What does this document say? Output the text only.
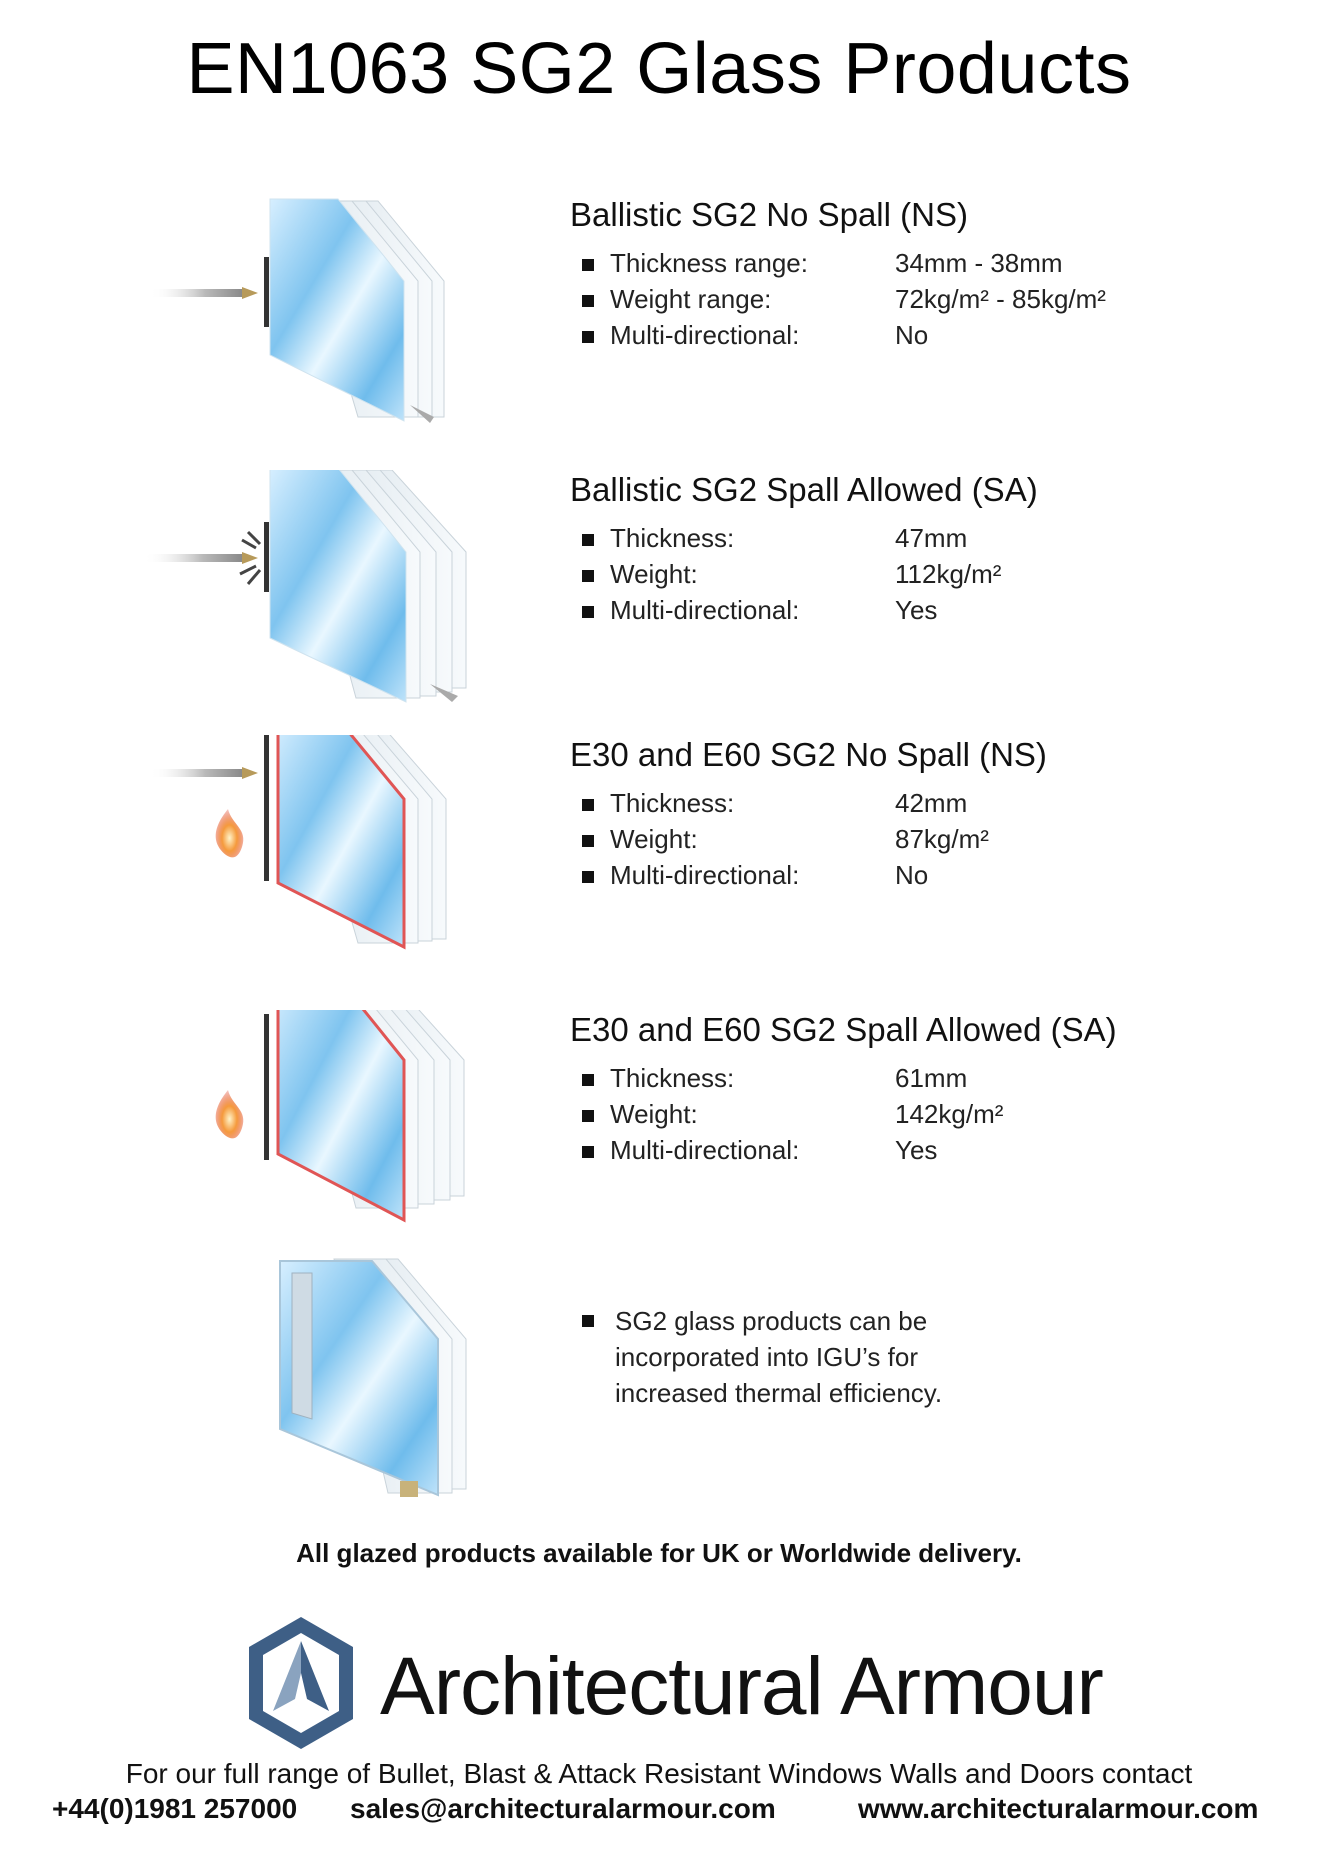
EN1063 SG2 Glass Products
Ballistic SG2 No Spall (NS)
Thickness range:	34mm - 38mm
Weight range:	72kg/m² - 85kg/m²
Multi-directional:	No
Ballistic SG2 Spall Allowed (SA)
Thickness:	47mm
Weight:	112kg/m²
Multi-directional:	Yes
E30 and E60 SG2 No Spall (NS)
Thickness:	42mm
Weight:	87kg/m²
Multi-directional:	No
E30 and E60 SG2 Spall Allowed (SA)
Thickness:	61mm
Weight:	142kg/m²
Multi-directional:	Yes
SG2 glass products can be
incorporated into IGU’s for
increased thermal efficiency.
All glazed products available for UK or Worldwide delivery.
Architectural Armour
For our full range of Bullet, Blast & Attack Resistant Windows Walls and Doors contact
+44(0)1981 257000 sales@architecturalarmour.com	www.architecturalarmour.com
